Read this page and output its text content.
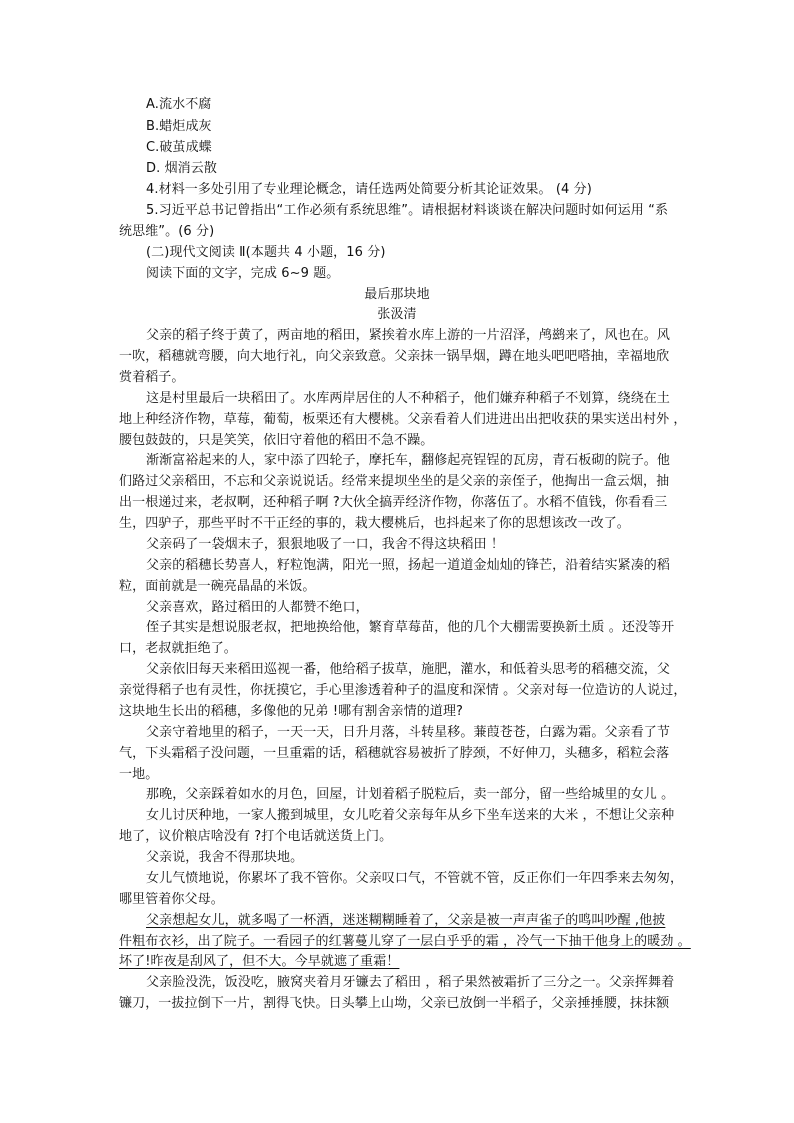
A.流水不腐
B.蜡炬成灰
C.破茧成蝶
D. 烟消云散
4.材料一多处引用了专业理论概念，请任选两处简要分析其论证效果。 (4 分)
5.习近平总书记曾指出“工作必须有系统思维”。请根据材料谈谈在解决问题时如何运用 “系
统思维”。(6 分)
(二)现代文阅读 Ⅱ(本题共 4 小题，16 分)
阅读下面的文字，完成 6~9 题。
最后那块地
张汲清
父亲的稻子终于黄了，两亩地的稻田，紧挨着水库上游的一片沼泽，鸬鹚来了，风也在。风
一吹，稻穗就弯腰，向大地行礼，向父亲致意。父亲抹一锅旱烟，蹲在地头吧吧嗒抽，幸福地欣
赏着稻子。
这是村里最后一块稻田了。水库两岸居住的人不种稻子，他们嫌弃种稻子不划算，绕绕在土
地上种经济作物，草莓，葡萄，板栗还有大樱桃。父亲看着人们进进出出把收获的果实送出村外 ，
腰包鼓鼓的，只是笑笑，依旧守着他的稻田不急不躁。
渐渐富裕起来的人，家中添了四轮子，摩托车，翻修起亮锃锃的瓦房，青石板砌的院子。他
们路过父亲稻田，不忘和父亲说说话。经常来提坝坐坐的是父亲的亲侄子，他掏出一盒云烟，抽
出一根递过来，老叔啊，还种稻子啊 ?大伙全搞弄经济作物，你落伍了。水稻不值钱，你看看三
生，四驴子，那些平时不干正经的事的，栽大樱桃后，也抖起来了你的思想该改一改了。
父亲码了一袋烟末子，狠狠地吸了一口，我舍不得这块稻田 ！
父亲的稻穗长势喜人，籽粒饱满，阳光一照，扬起一道道金灿灿的锋芒，沿着结实紧凑的稻
粒，面前就是一碗亮晶晶的米饭。
父亲喜欢，路过稻田的人都赞不绝口，
侄子其实是想说服老叔，把地换给他，繁育草莓苗，他的几个大棚需要换新土质 。还没等开
口，老叔就拒绝了。
父亲依旧每天来稻田巡视一番，他给稻子拔草，施肥，灌水，和低着头思考的稻穗交流，父
亲觉得稻子也有灵性，你抚摸它，手心里渗透着种子的温度和深情 。父亲对每一位造访的人说过，
这块地生长出的稻穗，多像他的兄弟 !哪有割舍亲情的道理?
父亲守着地里的稻子，一天一天，日升月落，斗转星移。蒹葭苍苍，白露为霜。父亲看了节
气，下头霜稻子没问题，一旦重霜的话，稻穗就容易被折了脖颈，不好伸刀，头穗多，稻粒会落
一地。
那晚，父亲踩着如水的月色，回屋，计划着稻子脱粒后，卖一部分，留一些给城里的女儿 。
女儿讨厌种地，一家人搬到城里，女儿吃着父亲每年从乡下坐车送来的大米 ，不想让父亲种
地了，议价粮店啥没有 ?打个电话就送货上门。
父亲说，我舍不得那块地。
女儿气愤地说，你累坏了我不管你。父亲叹口气，不管就不管，反正你们一年四季来去匆匆，
哪里管着你父母。
父亲想起女儿，就多喝了一杯酒，迷迷糊糊睡着了，父亲是被一声声雀子的鸣叫吵醒 ,他披
件粗布衣衫，出了院子。一看园子的红薯蔓儿穿了一层白乎乎的霜 ，冷气一下抽干他身上的暖劲 。
坏了!昨夜是刮风了，但不大。今早就遮了重霜！
父亲脸没洗，饭没吃，腋窝夹着月牙镰去了稻田 ，稻子果然被霜折了三分之一。父亲挥舞着
镰刀，一拔拉倒下一片，割得飞快。日头攀上山坳，父亲已放倒一半稻子，父亲捶捶腰，抹抹额
